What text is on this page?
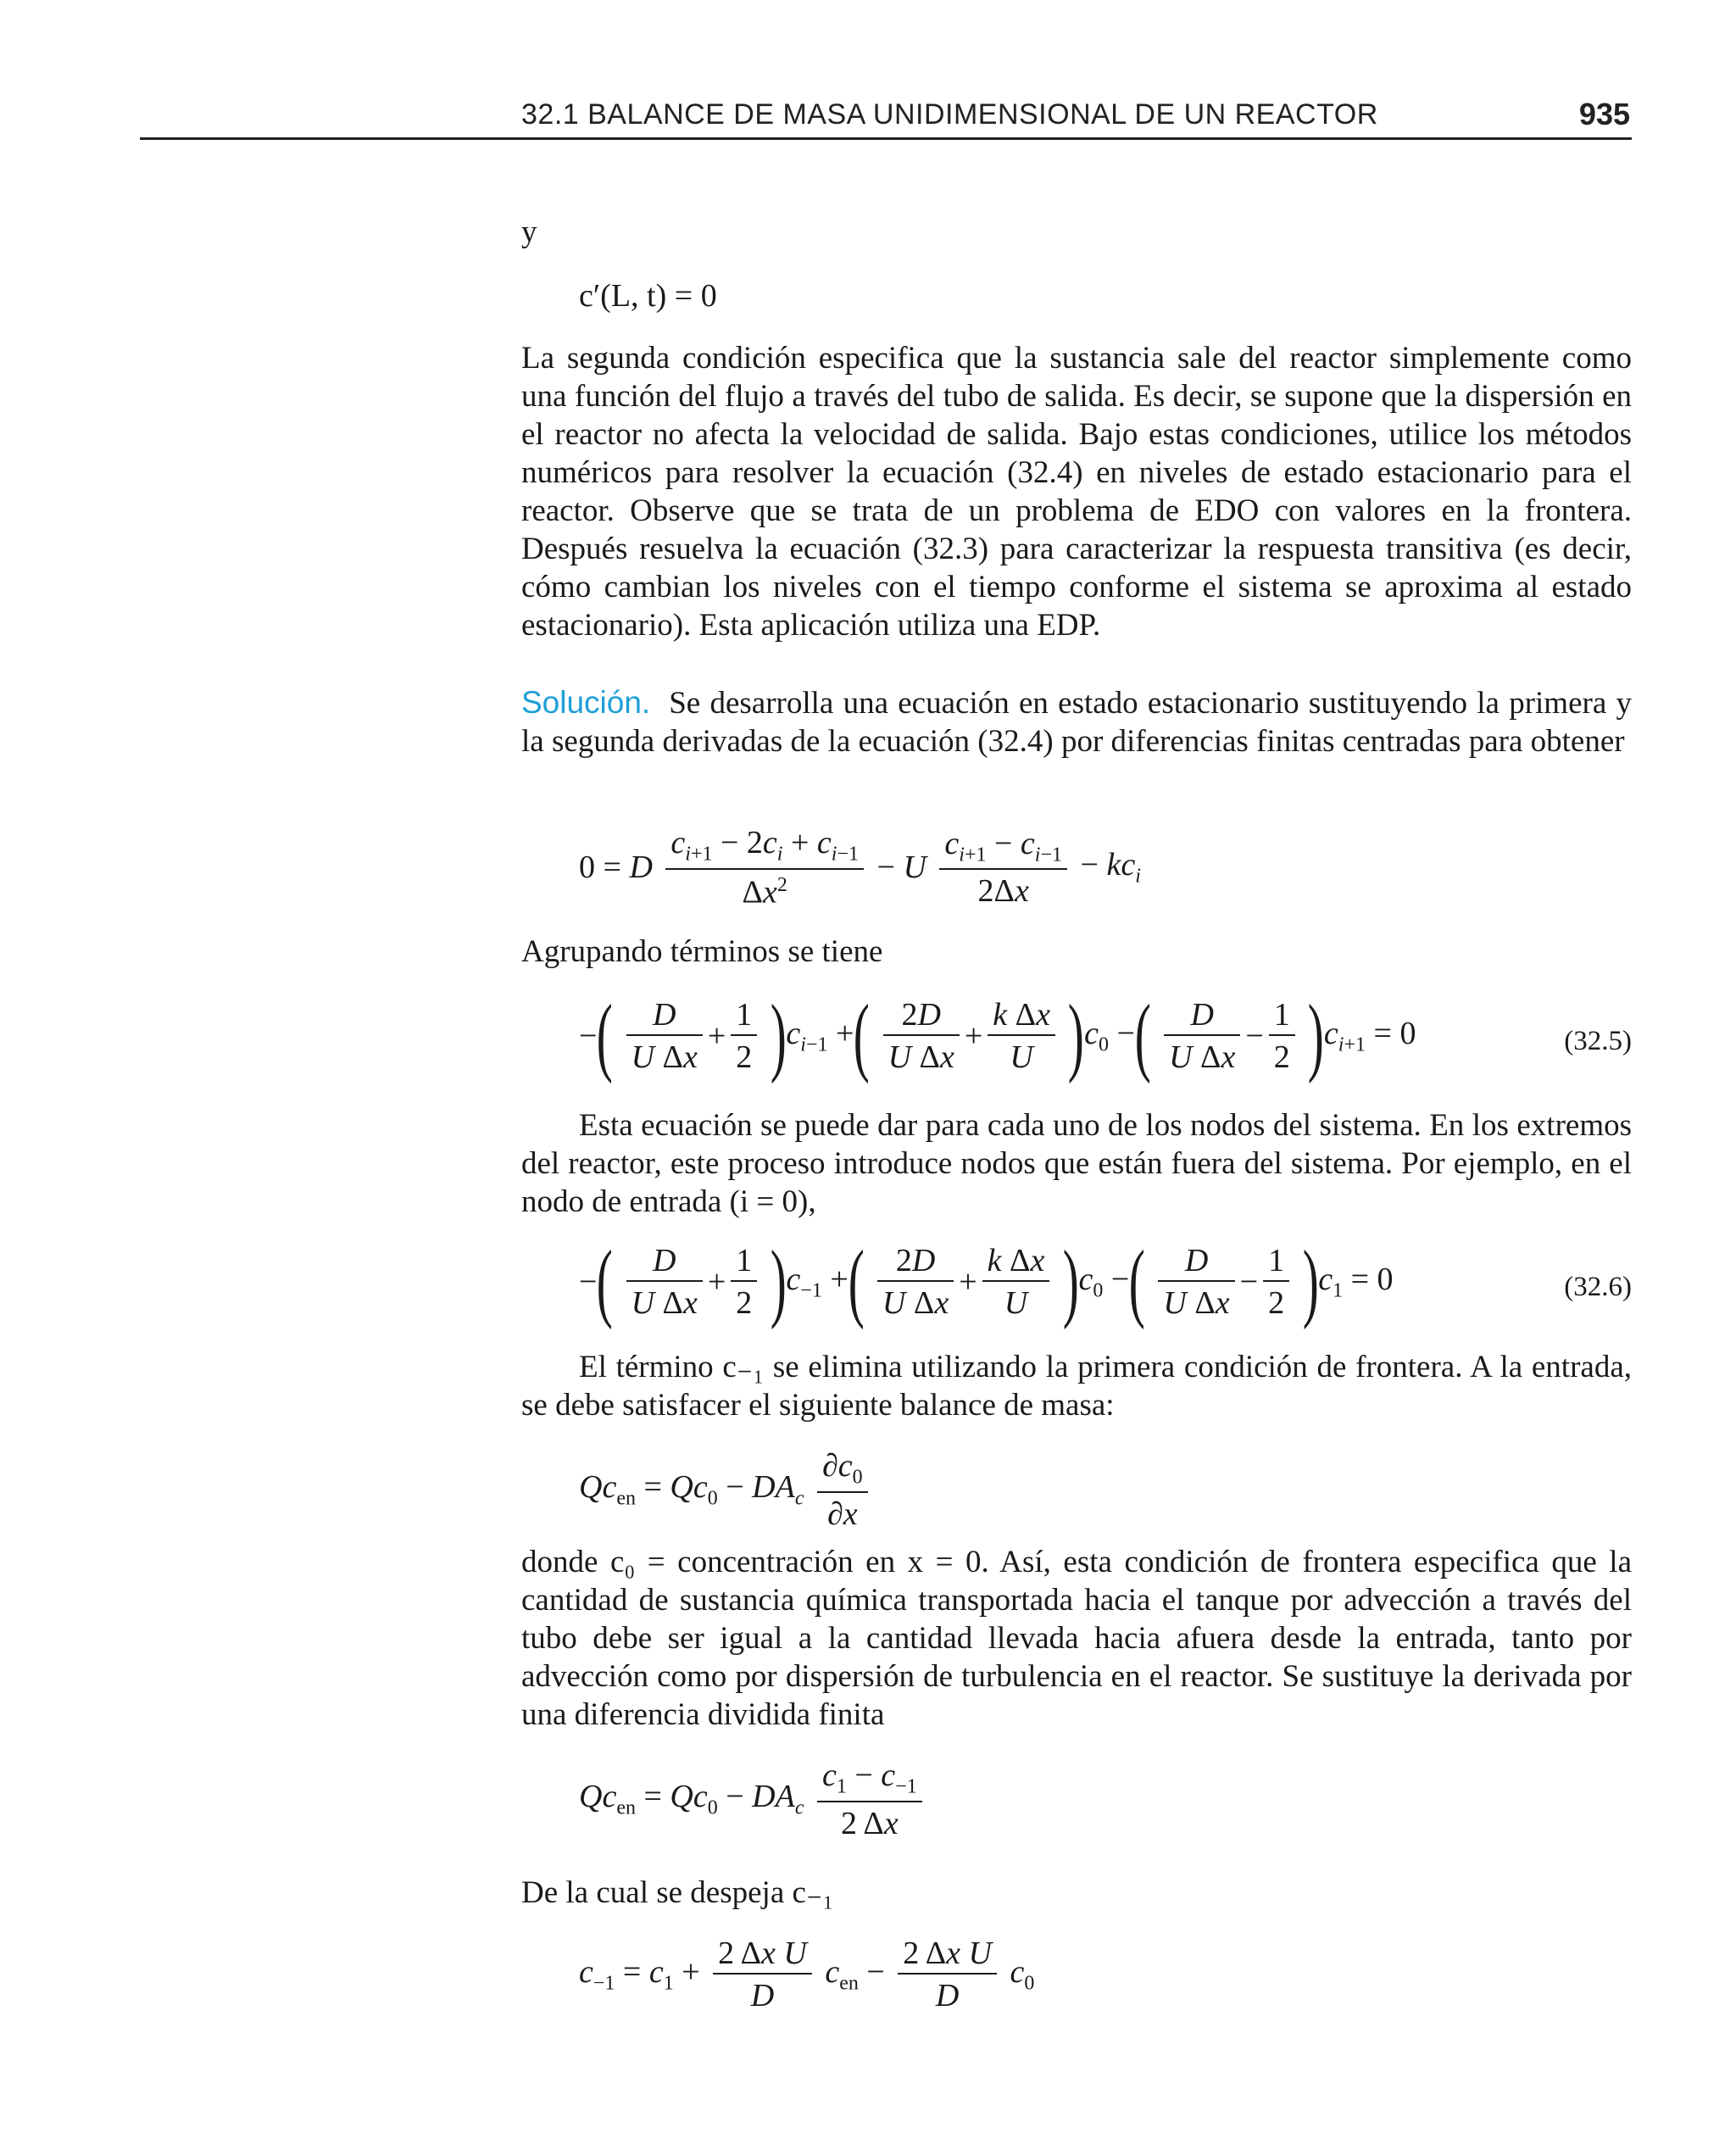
32.1 BALANCE DE MASA UNIDIMENSIONAL DE UN REACTOR	935
y
c′(L, t) = 0

La segunda condición especifica que la sustancia sale del reactor simplemente como una función del flujo a través del tubo de salida. Es decir, se supone que la dispersión en el reactor no afecta la velocidad de salida. Bajo estas condiciones, utilice los métodos numéricos para resolver la ecuación (32.4) en niveles de estado estacionario para el reactor. Observe que se trata de un problema de EDO con valores en la frontera. Después resuelva la ecuación (32.3) para caracterizar la respuesta transitiva (es decir, cómo cambian los niveles con el tiempo conforme el sistema se aproxima al estado estacionario). Esta aplicación utiliza una EDP.

Solución. Se desarrolla una ecuación en estado estacionario sustituyendo la primera y la segunda derivadas de la ecuación (32.4) por diferencias finitas centradas para obtener

0 = D $\frac{c_{i+1} - 2c_i + c_{i-1}}{\Delta x^2} - U \frac{c_{i+1} - c_{i-1}}{2\Delta x} - kc_i$

Agrupando términos se tiene

−( $\frac{D}{\text{U Δx}} + \frac{1}{2} )c_{i-1}$ +( $\frac{2D}{\text{U Δx}} + \frac{\text{k Δx}}{U} )c_0$ −( $\frac{D}{\text{U Δx}} - \frac{1}{2} )c_{i+1} = 0$	(32.5)

Esta ecuación se puede dar para cada uno de los nodos del sistema. En los extremos del reactor, este proceso introduce nodos que están fuera del sistema. Por ejemplo, en el nodo de entrada (i = 0),

−( $\frac{D}{\text{U Δx}} + \frac{1}{2} )c_{-1}$ +( $\frac{2D}{\text{U Δx}} + \frac{\text{k Δx}}{U} )c_0$ −( $\frac{D}{\text{U Δx}} - \frac{1}{2} )c_1 = 0$	(32.6)

El término c₋₁ se elimina utilizando la primera condición de frontera. A la entrada, se debe satisfacer el siguiente balance de masa:

$Qc_{en} = Qc_0 - DA_c \frac{\partial c_0}{\partial x}$

donde c₀ = concentración en x = 0. Así, esta condición de frontera especifica que la cantidad de sustancia química transportada hacia el tanque por advección a través del tubo debe ser igual a la cantidad llevada hacia afuera desde la entrada, tanto por advección como por dispersión de turbulencia en el reactor. Se sustituye la derivada por una diferencia dividida finita

$Qc_{en} = Qc_0 - DA_c \frac{c_1 - c_{-1}}{2 \Delta x}$

De la cual se despeja c₋₁

$c_{-1} = c_1 + \frac{\text{2 Δx U}}{D} c_{en} - \frac{\text{2 Δx U}}{D} c_0$
